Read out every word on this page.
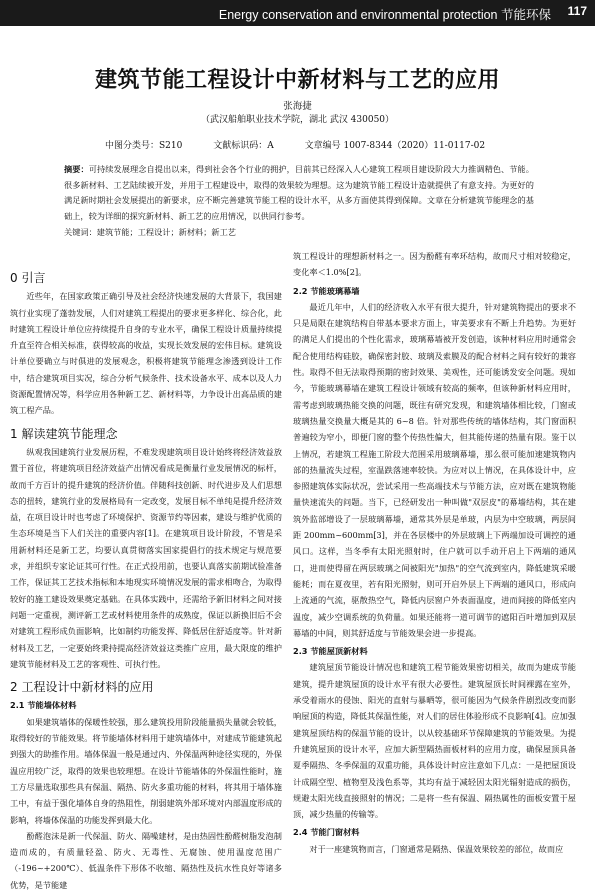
Energy conservation and environmental protection 节能环保 117
建筑节能工程设计中新材料与工艺的应用
张海捷
（武汉船舶职业技术学院，湖北 武汉 430050）
中图分类号：S210	文献标识码：A	文章编号 1007-8344（2020）11-0117-02
摘要：可持续发展理念自提出以来，得到社会各个行业的拥护，目前其已经深入人心建筑工程项目建设阶段大力推调精色、节能。很多新材料、工艺陆续被开发，并用于工程建设中，取得的效果较为理想。这为建筑节能工程设计造就提供了有意支持。为更好的满足新时期社会发展提出的新要求，应不断完善建筑节能工程的设计水平，从多方面使其得到保障。文章在分析建筑节能理念的基础上，较为详细的探究新材料、新工艺的应用情况，以供同行参考。
关键词：建筑节能；工程设计；新材料；新工艺
0 引言

近些年，在国家政策正确引导及社会经济快速发展的大背景下，我国建筑行业实现了蓬勃发展，人们对建筑工程提出的要求更多样化、综合化，此时建筑工程设计单位应持续提升自身的专业水平，确保工程设计质量持续提升直至符合相关标准，获得较高的收益，实现长效发展的宏伟目标。建筑设计单位要确立与时俱进的发展观念，积极将建筑节能理念渗透到设计工作中，结合建筑项目实况，综合分析气候条件、技术设备水平、成本以及人力资源配置情况等，科学应用各种新工艺、新材料等，力争设计出高品质的建筑工程产品。

1 解读建筑节能理念

纵观我国建筑行业发展历程，不难发现建筑项目设计始终将经济效益放置于首位，将建筑项目经济效益产出情况看成是衡量行业发展情况的标杆，故而千方百计的提升建筑的经济价值。伴随科技创新、时代进步及人们思想态的扭转，建筑行业的发展格局有一定改变，发展目标不单纯是提升经济效益，在项目设计时也考虑了环境保护、资源节约等因素，建设与维护优质的生态环境是当下人们关注的重要内容[1]。在建筑项目设计阶段，不管是采用新材料还是新工艺，均要认真贯彻落实国家提倡行的技术规定与规范要求，并组织专家论证其可行性。在正式投用前，也要认真落实前期试验准备工作，保证其工艺技术指标和本地现实环境情况发展的需求相吻合，为取得较好的施工建设效果奠定基础。在具体实践中，还需给予新旧材料之间对接问题一定重视，测评新工艺或材料使用条件的成熟度，保证以新换旧后不会对建筑工程形成负面影响，比如制约功能发挥、降低居住舒适度等。针对新材料及工艺，一定要始终秉持提高经济效益这类推广应用，最大限度的维护建筑节能材料及工艺的客观性、可执行性。

2 工程设计中新材料的应用
2.1 节能墙体材料

如果建筑墙体的保暖性较强，那么建筑投用阶段能量损失量就会较低，取得较好的节能效果。将节能墙体材料用于建筑墙体中，对建成节能建筑起到强大的助推作用。墙体保温一般是通过内、外保温两种途径实现的，外保温应用较广泛，取得的效果也较理想。在设计节能墙体的外保温性能时，施工方尽量选取那些具有保温、隔热、防火多重功能的材料，将其用于墙体施工中，有益于强化墙体自身的热阻性，削弱建筑外部环境对内部温度形成的影响，将墙体保温的功能发挥到最大化。

酚醛泡沫是新一代保温、防火、隔噪建材，是由热固性酚醛树脂发泡制造而成的，有质量轻盈、防火、无毒性、无腐蚀、使用温度范围广（-196~+200℃）、低温条件下形体不收缩、隔热性及抗水性良好等诸多优势，是节能建

筑工程设计的理想新材料之一。因为酚醛有率环结构，故而尺寸相对较稳定，变化率＜1.0%[2]。

2.2 节能玻璃幕墙

最近几年中，人们的经济收入水平有很大提升，针对建筑物提出的要求不只是局限在建筑结构自带基本要求方面上，审美要求有不断上升趋势。为更好的满足人们提出的个性化需求，玻璃幕墙被开发创造，该种材料应用时通常会配合使用结构硅胶，确保密封胶、玻璃及索膜及的配合材料之间有较好的兼容性。取得不但无法取得预期的密封效果、美观性，还可能诱发安全问题。现如今，节能玻璃幕墙在建筑工程设计领域有较高的频率，但该种新材料应用时，需考虑到玻璃热能交换的问题，既往有研究发现，和建筑墙体相比较，门窗或玻璃热量交换量大概是其的 6~8 倍。针对那些传统的墙体结构，其门窗面积普遍较为窄小，即便门窗的整个传热性偏大，但其能传递的热量有限。鉴于以上情况，若建筑工程施工阶段大范围采用玻璃幕墙，那么很可能加速建筑物内部的热量流失过程，室温跌落速率较快。为应对以上情况，在具体设计中，应参照建筑体实际状况，尝试采用一些高端技术与节能方法，应对既在建筑物能量快速流失的问题。当下，已经研发出一种叫做"双层皮"的幕墙结构，其在建筑外监部增设了一层玻璃幕墙，通常其外层是单玻，内层为中空玻璃，两层间距 200mm~600mm[3]，并在各层楼中的外层玻璃上下两端加设可调控的通风口。这样，当冬季有太阳光照射时，住户就可以手动开启上下两端的通风口，进而使得留在两层玻璃之间被阳光"加热"的空气流到室内，降低建筑采暖能耗；而在夏夜里，若有阳光照射，则可开启外层上下两端的通风口，形成向上流通的气流，驱散热空气，降低内层窗户外表面温度，进而间接的降低室内温度，减少空调系统的负荷量。如果还能将一道可调节的遮阳百叶增加到双层幕墙的中间，则其舒适度与节能效果会进一步提高。

2.3 节能屋顶新材料

建筑屋顶节能设计情况也和建筑工程节能效果密切相关，故而为建成节能建筑，提升建筑屋顶的设计水平有很大必要性。建筑屋顶长时间裸露在室外，承受着雨水的侵蚀、阳光的直射与暴晒等，很可能因为气候条件剧烈改变而影响屋顶的构造，降低其保温性能，对人们的居住体验形成不良影响[4]。应加强建筑屋顶结构的保温节能的设计，以从较基础环节保障建筑的节能效果。为提升建筑屋顶的设计水平，应加大新型隔热面板材料的应用力度，确保屋顶具备夏季隔热、冬季保温的双重功能，具体设计时应注意如下几点：一是把屋顶设计成隔空型、植物型及浅色系等，其均有益于减轻因太阳光辐射造成的损伤，规避太阳光线直接照射的情况；二是将一些有保温、隔热属性的面板安置于屋顶，减少热量的传输等。

2.4 节能门窗材料

对于一座建筑物而言，门窗通常是隔热、保温效果较差的部位，故而应
